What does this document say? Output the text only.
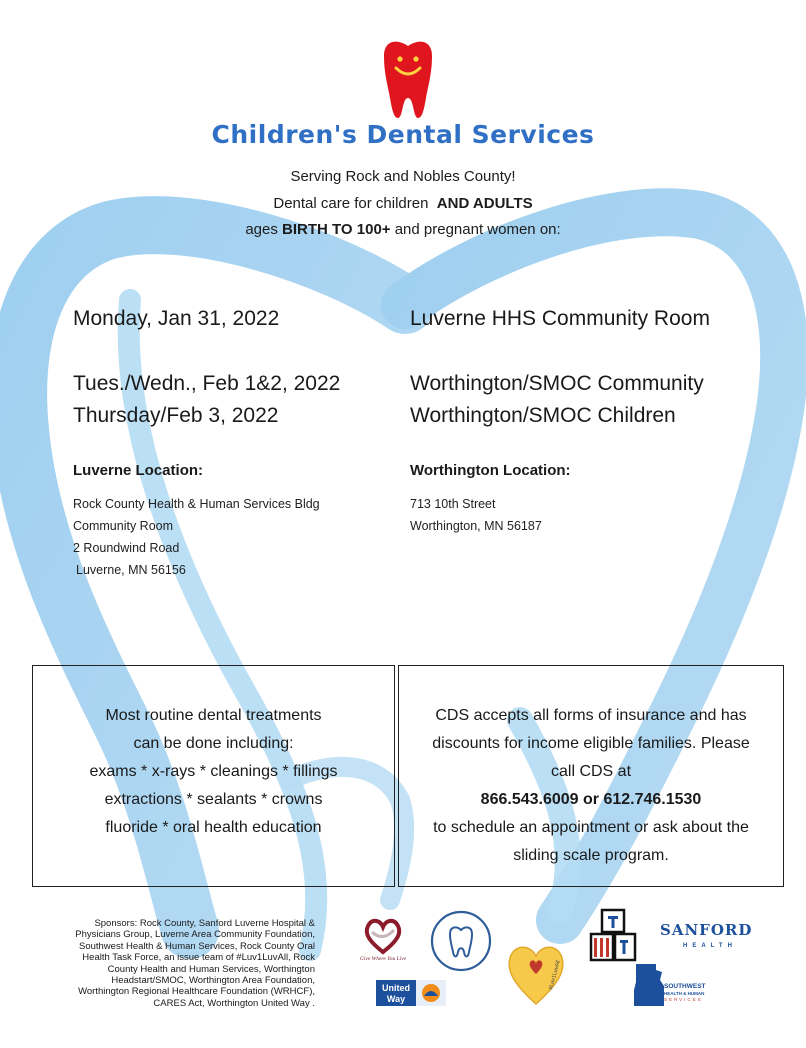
Children's Dental Services
Serving Rock and Nobles County!
Dental care for children AND ADULTS
ages BIRTH TO 100+ and pregnant women on:
Monday, Jan 31, 2022	Luverne HHS Community Room
Tues./Wedn., Feb 1&2, 2022	Worthington/SMOC Community
Thursday/Feb 3, 2022	Worthington/SMOC Children
Luverne Location:
Rock County Health & Human Services Bldg
Community Room
2 Roundwind Road
Luverne, MN 56156
Worthington Location:
713 10th Street
Worthington, MN 56187
Most routine dental treatments
can be done including:
exams * x-rays * cleanings * fillings
extractions * sealants * crowns
fluoride * oral health education
CDS accepts all forms of insurance and has
discounts for income eligible families. Please
call CDS at
866.543.6009 or 612.746.1530
to schedule an appointment or ask about the
sliding scale program.
Sponsors: Rock County, Sanford Luverne Hospital &
Physicians Group, Luverne Area Community Foundation,
Southwest Health & Human Services, Rock County Oral
Health Task Force, an issue team of #Luv1LuvAll, Rock
County Health and Human Services, Worthington
Headstart/SMOC, Worthington Area Foundation,
Worthington Regional Healthcare Foundation (WRHCF),
CARES Act, Worthington United Way .
Give Where You Live
United
Way
#Luv1LuvAll
SANFORD
HEALTH
SOUTHWEST
HEALTH & HUMAN
SERVICES
